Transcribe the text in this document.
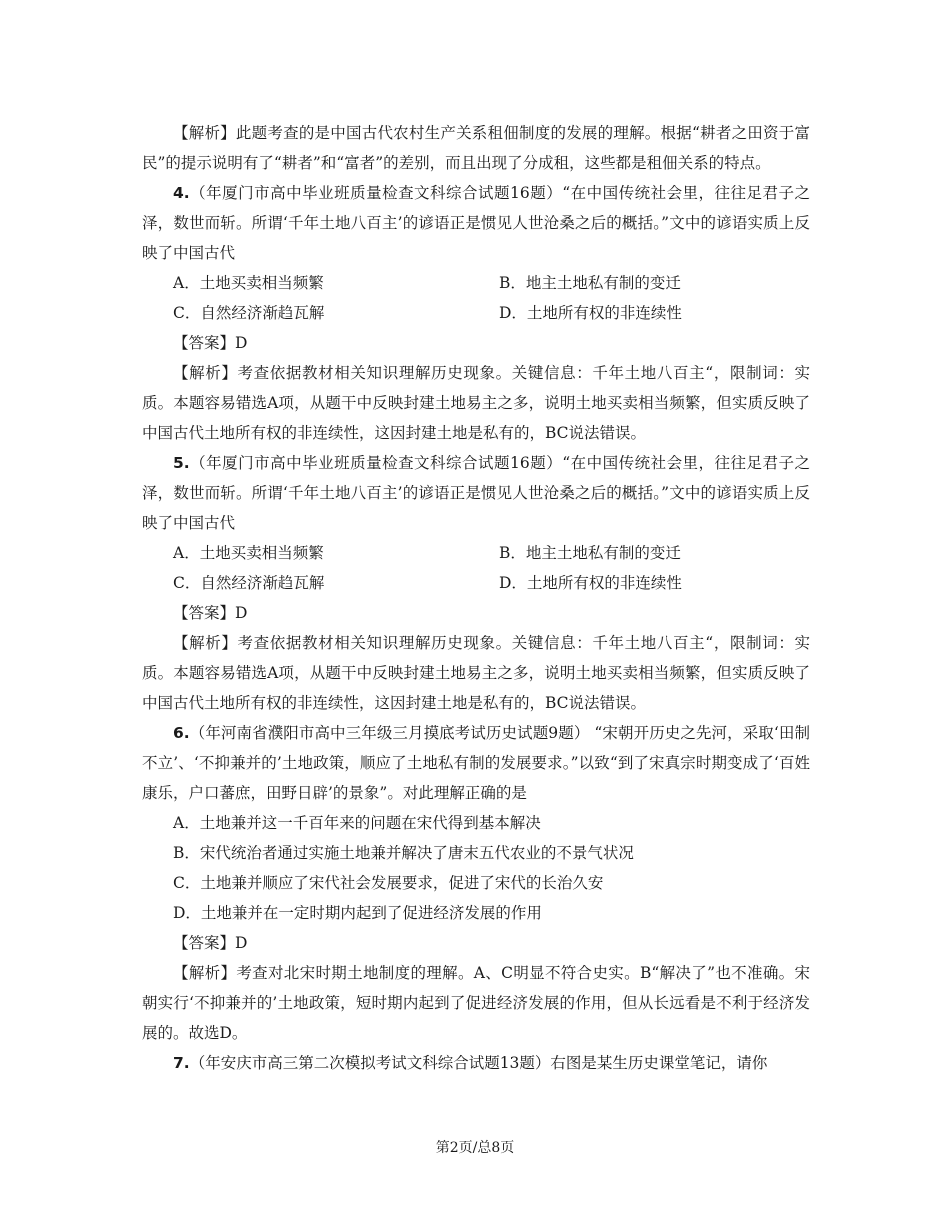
【解析】此题考查的是中国古代农村生产关系租佃制度的发展的理解。根据“耕者之田资于富民”的提示说明有了“耕者”和“富者”的差别，而且出现了分成租，这些都是租佃关系的特点。

4.（年厦门市高中毕业班质量检查文科综合试题16题）“在中国传统社会里，往往足君子之泽，数世而斩。所谓‘千年土地八百主’的谚语正是惯见人世沧桑之后的概括。”文中的谚语实质上反映了中国古代

A．土地买卖相当频繁	B．地主土地私有制的变迁
C．自然经济渐趋瓦解	D．土地所有权的非连续性

【答案】D

【解析】考查依据教材相关知识理解历史现象。关键信息：千年土地八百主“，限制词：实质。本题容易错选A项，从题干中反映封建土地易主之多，说明土地买卖相当频繁，但实质反映了中国古代土地所有权的非连续性，这因封建土地是私有的，BC说法错误。

5.（年厦门市高中毕业班质量检查文科综合试题16题）“在中国传统社会里，往往足君子之泽，数世而斩。所谓‘千年土地八百主’的谚语正是惯见人世沧桑之后的概括。”文中的谚语实质上反映了中国古代

A．土地买卖相当频繁	B．地主土地私有制的变迁
C．自然经济渐趋瓦解	D．土地所有权的非连续性

【答案】D

【解析】考查依据教材相关知识理解历史现象。关键信息：千年土地八百主“，限制词：实质。本题容易错选A项，从题干中反映封建土地易主之多，说明土地买卖相当频繁，但实质反映了中国古代土地所有权的非连续性，这因封建土地是私有的，BC说法错误。

6.（年河南省濮阳市高中三年级三月摸底考试历史试题9题） “宋朝开历史之先河，采取‘田制不立’、‘不抑兼并的’土地政策，顺应了土地私有制的发展要求。”以致“到了宋真宗时期变成了‘百姓康乐，户口蕃庶，田野日辟’的景象”。对此理解正确的是

A．土地兼并这一千百年来的问题在宋代得到基本解决
B．宋代统治者通过实施土地兼并解决了唐末五代农业的不景气状况
C．土地兼并顺应了宋代社会发展要求，促进了宋代的长治久安
D．土地兼并在一定时期内起到了促进经济发展的作用

【答案】D

【解析】考查对北宋时期土地制度的理解。A、C明显不符合史实。B“解决了”也不准确。宋朝实行‘不抑兼并的’土地政策，短时期内起到了促进经济发展的作用，但从长远看是不利于经济发展的。故选D。

7.（年安庆市高三第二次模拟考试文科综合试题13题）右图是某生历史课堂笔记，请你

第2页/总8页
